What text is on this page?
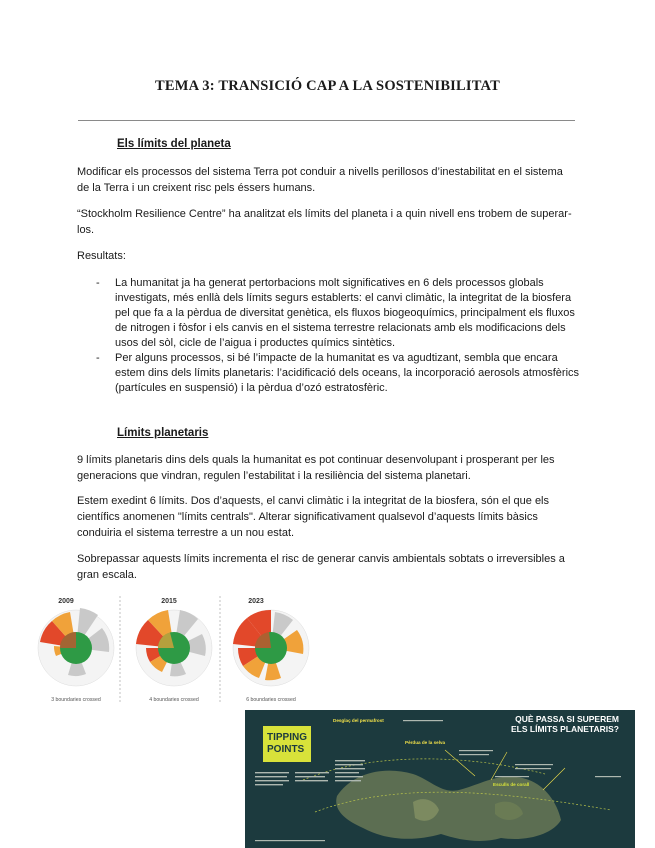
TEMA 3: TRANSICIÓ CAP A LA SOSTENIBILITAT
Els límits del planeta

Modificar els processos del sistema Terra pot conduir a nivells perillosos d’inestabilitat en el sistema de la Terra i un creixent risc pels éssers humans.

“Stockholm Resilience Centre” ha analitzat els límits del planeta i a quin nivell ens trobem de superar-los.

Resultats:

- La humanitat ja ha generat pertorbacions molt significatives en 6 dels processos globals investigats, més enllà dels límits segurs establerts: el canvi climàtic, la integritat de la biosfera pel que fa a la pèrdua de diversitat genètica, els fluxos biogeoquímics, principalment els fluxos de nitrogen i fòsfor i els canvis en el sistema terrestre relacionats amb els modificacions dels usos del sòl, cicle de l’aigua i productes químics sintètics.
- Per alguns processos, si bé l’impacte de la humanitat es va agudtizant, sembla que encara estem dins dels límits planetaris: l’acidificació dels oceans, la incorporació aerosols atmosfèrics (partícules en suspensió) i la pèrdua d’ozó estratosfèric.
Límits planetaris

9 límits planetaris dins dels quals la humanitat es pot continuar desenvolupant i prosperant per les generacions que vindran, regulen l’estabilitat i la resiliència del sistema planetari.

Estem exedint 6 límits. Dos d’aquests, el canvi climàtic i la integritat de la biosfera, són el que els científics anomenen "límits centrals". Alterar significativament qualsevol d’aquests límits bàsics conduiria el sistema terrestre a un nou estat.

Sobrepassar aquests límits incrementa el risc de generar canvis ambientals sobtats o irreversibles a gran escala.

2009	2015	2023
3 boundaries crossed	4 boundaries crossed	6 boundaries crossed
TIPPING
POINTS
QUÈ PASSA SI SUPEREM ELS LÍMITS PLANETARIS?
Desglaç del permafrost
Pèrdua de la selva
Esculls de corall
